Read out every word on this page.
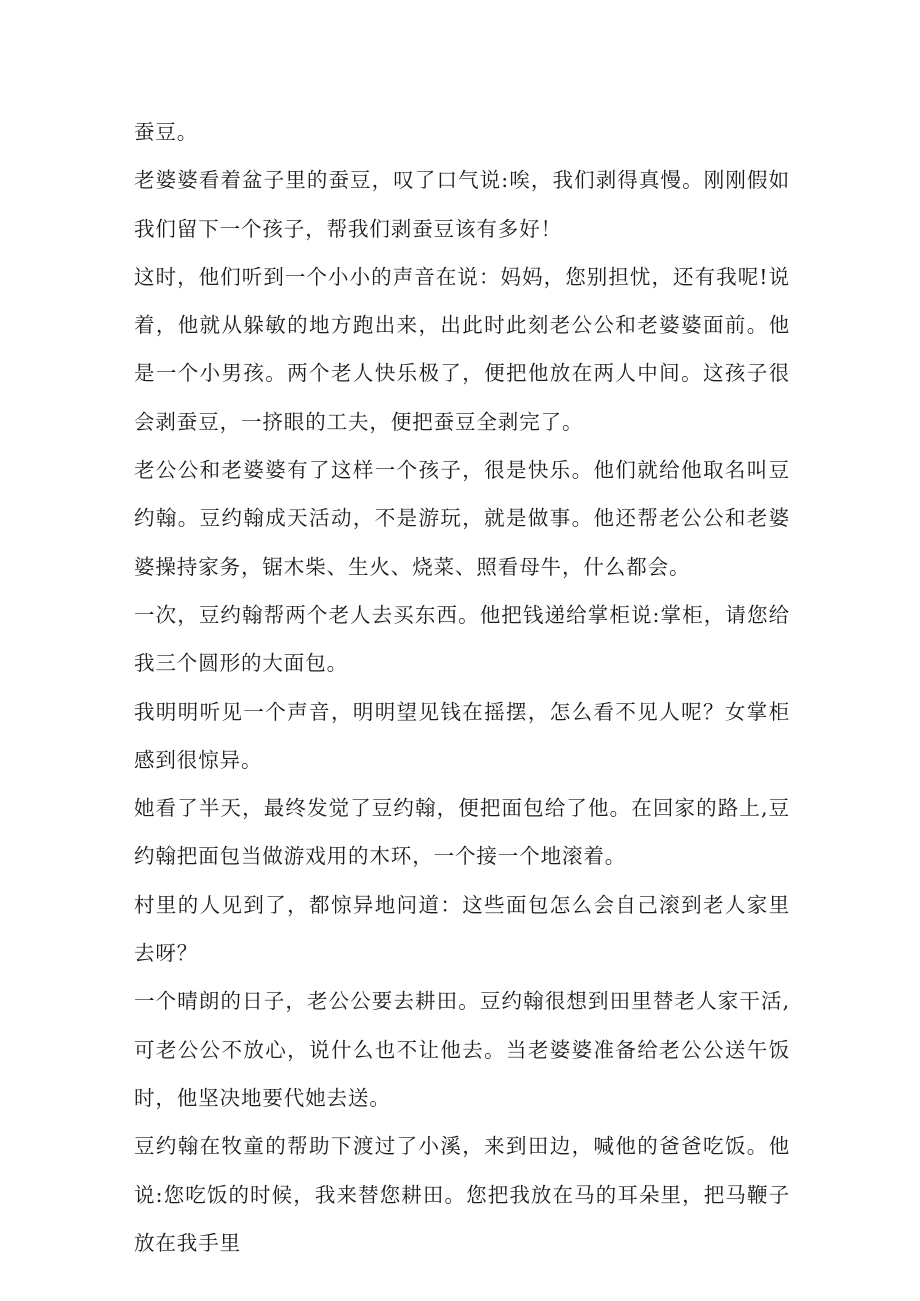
蚕豆。

老婆婆看着盆子里的蚕豆，叹了口气说:唉，我们剥得真慢。刚刚假如我们留下一个孩子，帮我们剥蚕豆该有多好！

这时，他们听到一个小小的声音在说：妈妈，您别担忧，还有我呢!说着，他就从躲敏的地方跑出来，出此时此刻老公公和老婆婆面前。他是一个小男孩。两个老人快乐极了，便把他放在两人中间。这孩子很会剥蚕豆，一挤眼的工夫，便把蚕豆全剥完了。

老公公和老婆婆有了这样一个孩子，很是快乐。他们就给他取名叫豆约翰。豆约翰成天活动，不是游玩，就是做事。他还帮老公公和老婆婆操持家务，锯木柴、生火、烧菜、照看母牛，什么都会。

一次，豆约翰帮两个老人去买东西。他把钱递给掌柜说:掌柜，请您给我三个圆形的大面包。

我明明听见一个声音，明明望见钱在摇摆，怎么看不见人呢？女掌柜感到很惊异。

她看了半天，最终发觉了豆约翰，便把面包给了他。在回家的路上,豆约翰把面包当做游戏用的木环，一个接一个地滚着。

村里的人见到了，都惊异地问道：这些面包怎么会自己滚到老人家里去呀？

一个晴朗的日子，老公公要去耕田。豆约翰很想到田里替老人家干活,可老公公不放心，说什么也不让他去。当老婆婆准备给老公公送午饭时，他坚决地要代她去送。

豆约翰在牧童的帮助下渡过了小溪，来到田边，喊他的爸爸吃饭。他说:您吃饭的时候，我来替您耕田。您把我放在马的耳朵里，把马鞭子放在我手里
